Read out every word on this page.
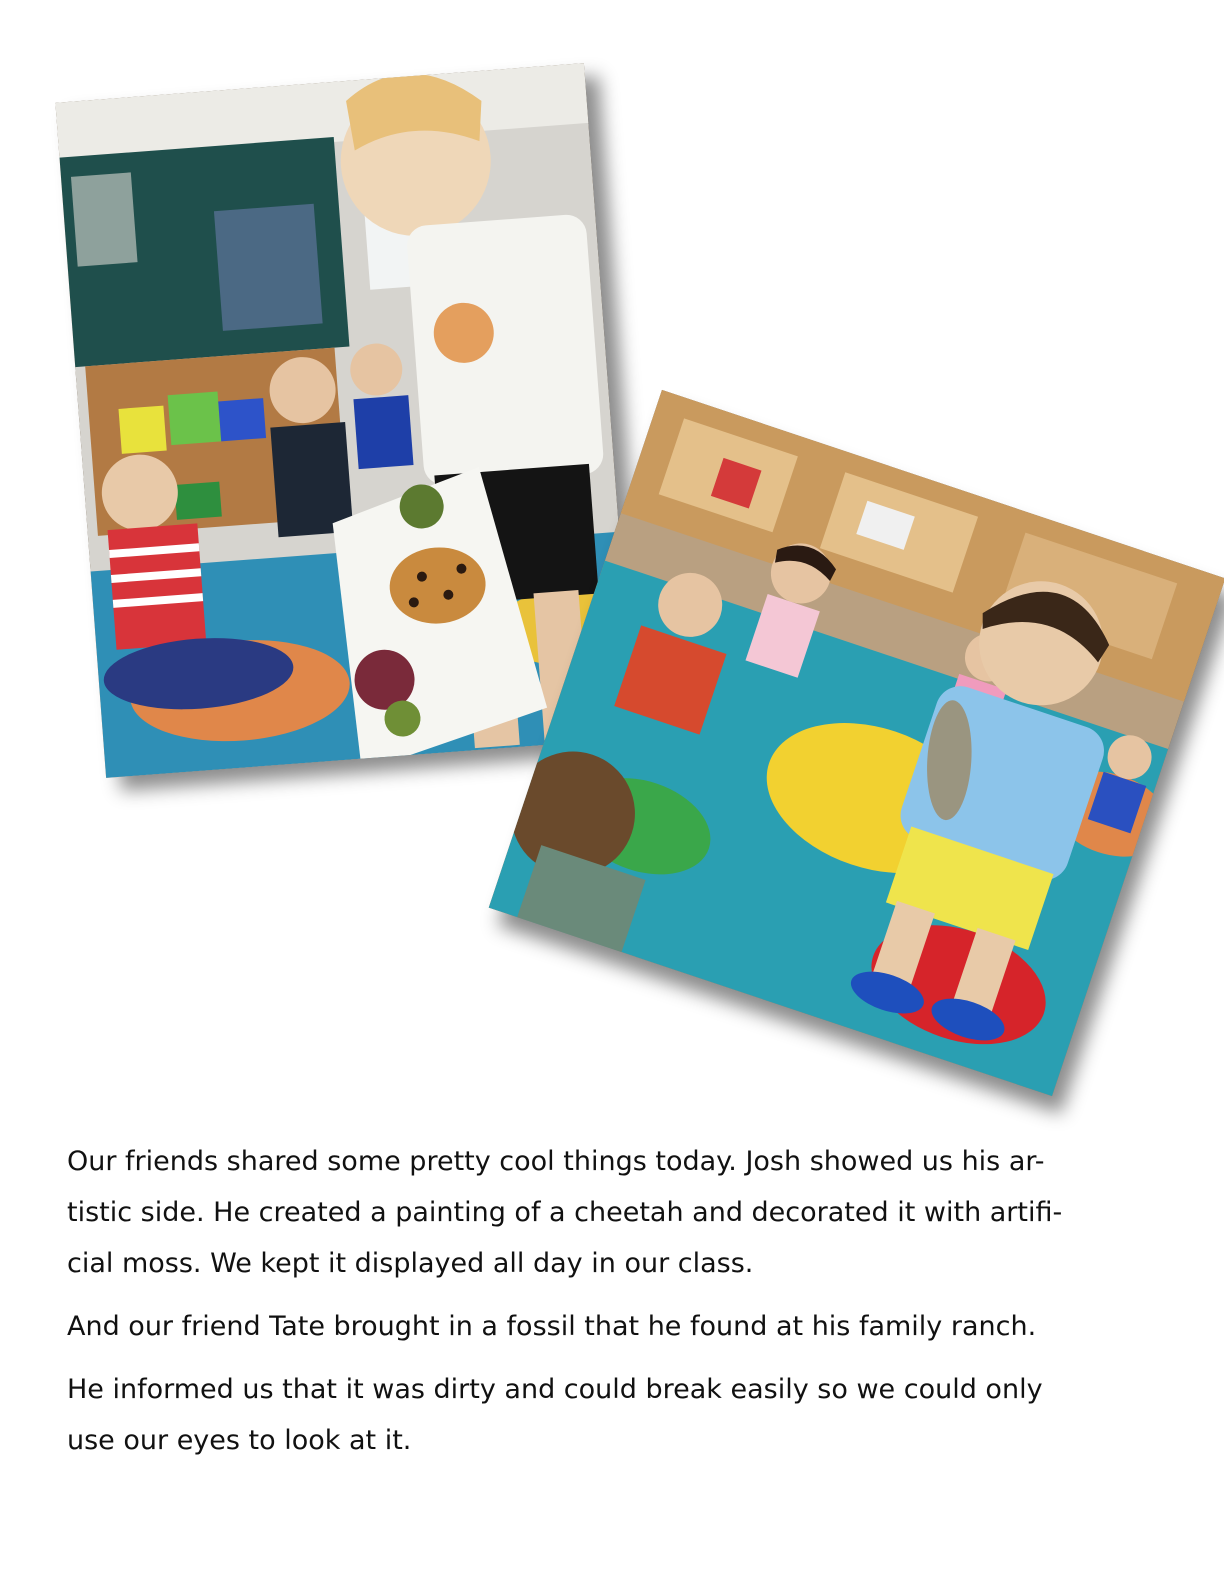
Our friends shared some pretty cool things today. Josh showed us his ar-
tistic side. He created a painting of a cheetah and decorated it with artifi-
cial moss. We kept it displayed all day in our class.

And our friend Tate brought in a fossil that he found at his family ranch.

He informed us that it was dirty and could break easily so we could only
use our eyes to look at it.
